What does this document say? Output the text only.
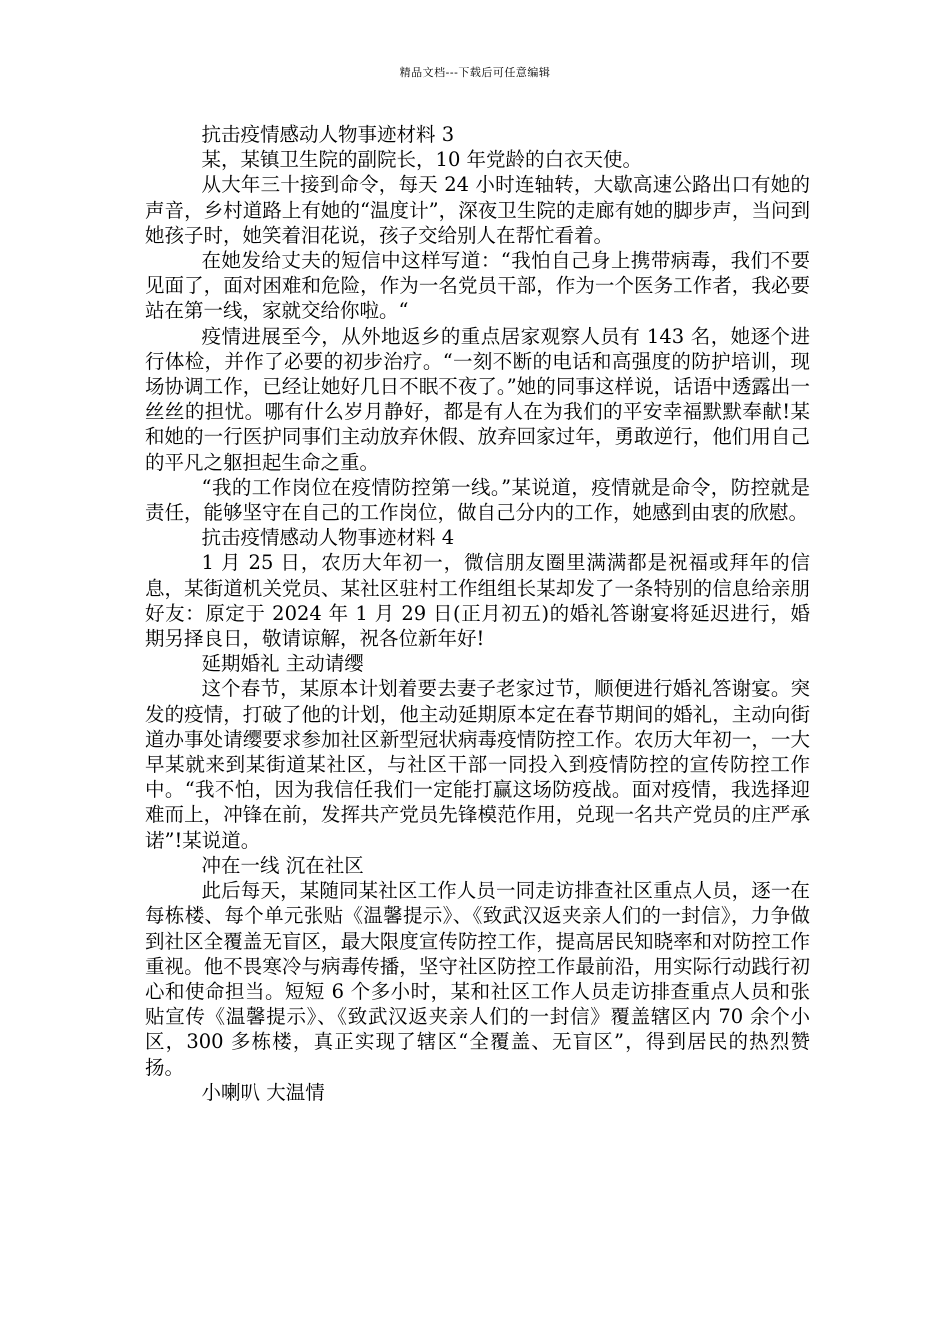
精品文档---下载后可任意编辑

抗击疫情感动人物事迹材料 3

某，某镇卫生院的副院长，10 年党龄的白衣天使。

从大年三十接到命令，每天 24 小时连轴转，大歇高速公路出口有她的声音，乡村道路上有她的“温度计”，深夜卫生院的走廊有她的脚步声，当问到她孩子时，她笑着泪花说，孩子交给别人在帮忙看着。

在她发给丈夫的短信中这样写道：“我怕自己身上携带病毒，我们不要见面了，面对困难和危险，作为一名党员干部，作为一个医务工作者，我必要站在第一线，家就交给你啦。“

疫情进展至今，从外地返乡的重点居家观察人员有 143 名，她逐个进行体检，并作了必要的初步治疗。“一刻不断的电话和高强度的防护培训，现场协调工作，已经让她好几日不眠不夜了。”她的同事这样说，话语中透露出一丝丝的担忧。哪有什么岁月静好，都是有人在为我们的平安幸福默默奉献!某和她的一行医护同事们主动放弃休假、放弃回家过年，勇敢逆行，他们用自己的平凡之躯担起生命之重。

“我的工作岗位在疫情防控第一线。”某说道，疫情就是命令，防控就是责任，能够坚守在自己的工作岗位，做自己分内的工作，她感到由衷的欣慰。

抗击疫情感动人物事迹材料 4

1 月 25 日，农历大年初一，微信朋友圈里满满都是祝福或拜年的信息，某街道机关党员、某社区驻村工作组组长某却发了一条特别的信息给亲朋好友：原定于 2024 年 1 月 29 日(正月初五)的婚礼答谢宴将延迟进行，婚期另择良日，敬请谅解，祝各位新年好!

延期婚礼 主动请缨

这个春节，某原本计划着要去妻子老家过节，顺便进行婚礼答谢宴。突发的疫情，打破了他的计划，他主动延期原本定在春节期间的婚礼，主动向街道办事处请缨要求参加社区新型冠状病毒疫情防控工作。农历大年初一，一大早某就来到某街道某社区，与社区干部一同投入到疫情防控的宣传防控工作中。“我不怕，因为我信任我们一定能打赢这场防疫战。面对疫情，我选择迎难而上，冲锋在前，发挥共产党员先锋模范作用，兑现一名共产党员的庄严承诺”!某说道。

冲在一线 沉在社区

此后每天，某随同某社区工作人员一同走访排查社区重点人员，逐一在每栋楼、每个单元张贴《温馨提示》、《致武汉返夹亲人们的一封信》，力争做到社区全覆盖无盲区，最大限度宣传防控工作，提高居民知晓率和对防控工作重视。他不畏寒冷与病毒传播，坚守社区防控工作最前沿，用实际行动践行初心和使命担当。短短 6 个多小时，某和社区工作人员走访排查重点人员和张贴宣传《温馨提示》、《致武汉返夹亲人们的一封信》覆盖辖区内 70 余个小区，300 多栋楼，真正实现了辖区“全覆盖、无盲区”，得到居民的热烈赞扬。

小喇叭 大温情
